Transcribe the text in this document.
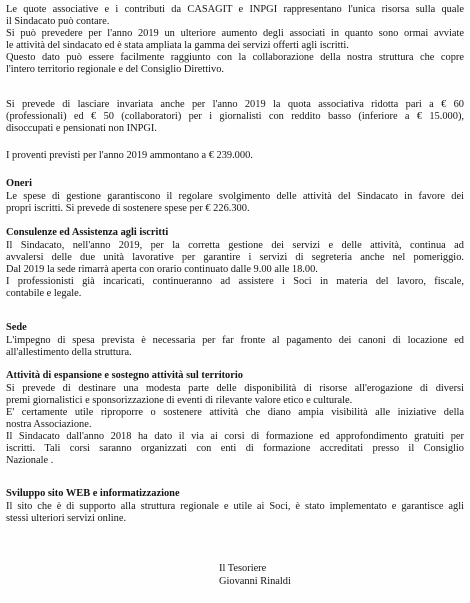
Le quote associative e i contributi da CASAGIT e INPGI rappresentano l'unica risorsa sulla quale
il Sindacato può contare.
Si può prevedere per l'anno 2019 un ulteriore aumento degli associati in quanto sono ormai avviate
le attività del sindacato ed è stata ampliata la gamma dei servizi offerti agli iscritti.
Questo dato può essere facilmente raggiunto con la collaborazione della nostra struttura che copre
l'intero territorio regionale e del Consiglio Direttivo.
Si prevede di lasciare invariata anche per l'anno 2019 la quota associativa ridotta pari a € 60
(professionali) ed € 50 (collaboratori) per i giornalisti con reddito basso (inferiore a € 15.000),
disoccupati e pensionati non INPGI.
I proventi previsti per l'anno 2019 ammontano a € 239.000.
Oneri
Le spese di gestione garantiscono il regolare svolgimento delle attività del Sindacato in favore dei
propri iscritti. Si prevede di sostenere spese per € 226.300.
Consulenze ed Assistenza agli iscritti
Il Sindacato, nell'anno 2019, per la corretta gestione dei servizi e delle attività, continua ad
avvalersi delle due unità lavorative per garantire i servizi di segreteria anche nel pomeriggio.
Dal 2019 la sede rimarrà aperta con orario continuato dalle 9.00 alle 18.00.
I professionisti già incaricati, continueranno ad assistere i Soci in materia del lavoro, fiscale,
contabile e legale.
Sede
L'impegno di spesa prevista è necessaria per far fronte al pagamento dei canoni di locazione ed
all'allestimento della struttura.
Attività di espansione e sostegno attività sul territorio
Si prevede di destinare una modesta parte delle disponibilità di risorse all'erogazione di diversi
premi giornalistici e sponsorizzazione di eventi di rilevante valore etico e culturale.
E' certamente utile riproporre o sostenere attività che diano ampia visibilità alle iniziative della
nostra Associazione.
Il Sindacato dall'anno 2018 ha dato il via ai corsi di formazione ed approfondimento gratuiti per
iscritti. Tali corsi saranno organizzati con enti di formazione accreditati presso il Consiglio
Nazionale .
Sviluppo sito WEB e informatizzazione
Il sito che è di supporto alla struttura regionale e utile ai Soci, è stato implementato e garantisce agli
stessi ulteriori servizi online.
Il Tesoriere
Giovanni Rinaldi
